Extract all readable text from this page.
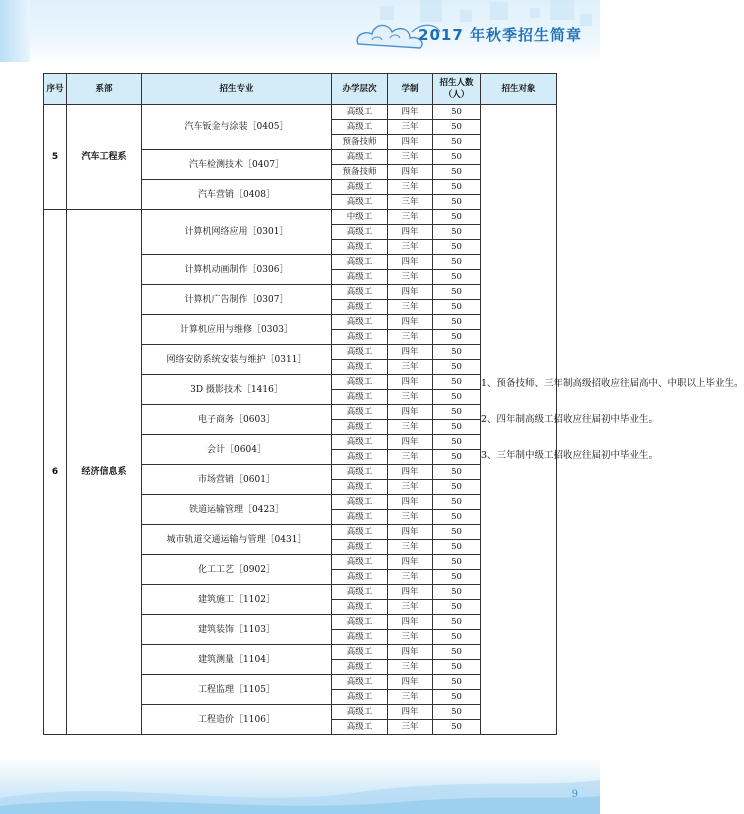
2017 年秋季招生简章
序号	系部	招生专业	办学层次	学制	招生人数（人）	招生对象
5	汽车工程系	汽车钣金与涂装［0405］	高级工	四年	50	1、预备技师、三年制高级招收应往届高中、中职以上毕业生。

2、四年制高级工招收应往届初中毕业生。

3、三年制中级工招收应往届初中毕业生。

			高级工	三年	50	
			预备技师	四年	50	
		汽车检测技术［0407］	高级工	三年	50	
			预备技师	四年	50	
		汽车营销［0408］	高级工	三年	50	
			高级工	三年	50	
6	经济信息系	计算机网络应用［0301］	中级工	三年	50	
			高级工	四年	50	
			高级工	三年	50	
		计算机动画制作［0306］	高级工	四年	50	
			高级工	三年	50	
		计算机广告制作［0307］	高级工	四年	50	
			高级工	三年	50	
		计算机应用与维修［0303］	高级工	四年	50	
			高级工	三年	50	
		网络安防系统安装与维护［0311］	高级工	四年	50	
			高级工	三年	50	
		3D 摄影技术［1416］	高级工	四年	50	
			高级工	三年	50	
		电子商务［0603］	高级工	四年	50	
			高级工	三年	50	
		会计［0604］	高级工	四年	50	
			高级工	三年	50	
		市场营销［0601］	高级工	四年	50	
			高级工	三年	50	
		铁道运输管理［0423］	高级工	四年	50	
			高级工	三年	50	
		城市轨道交通运输与管理［0431］	高级工	四年	50	
			高级工	三年	50	
		化工工艺［0902］	高级工	四年	50	
			高级工	三年	50	
		建筑施工［1102］	高级工	四年	50	
			高级工	三年	50	
		建筑装饰［1103］	高级工	四年	50	
			高级工	三年	50	
		建筑测量［1104］	高级工	四年	50	
			高级工	三年	50	
		工程监理［1105］	高级工	四年	50	
			高级工	三年	50	
		工程造价［1106］	高级工	四年	50	
			高级工	三年	50	
9
